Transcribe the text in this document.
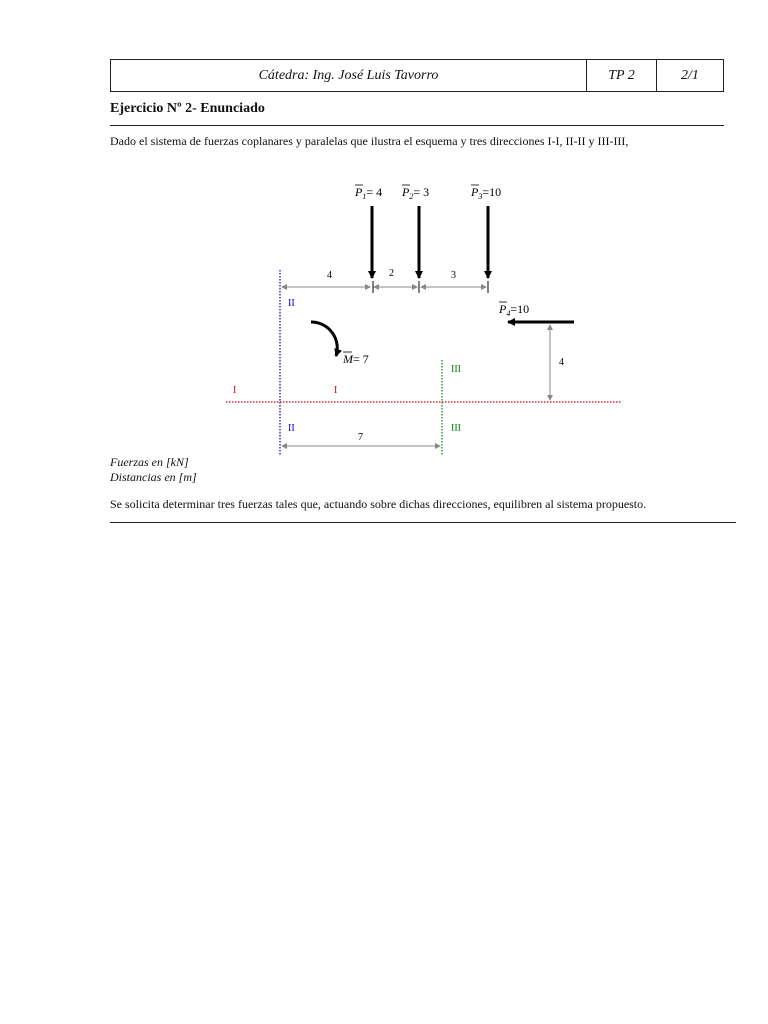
Cátedra: Ing. José Luis Tavorro	TP 2	2/1
Ejercicio Nº 2- Enunciado
Dado el sistema de fuerzas coplanares y paralelas que ilustra el esquema y tres direcciones I-I, II-II y III-III,
$P_1= 4$ $P_2= 3$	$P_3=10$
4	2	3
II
II
I	I
III
III
M= 7
$P_4=10$
4
7
Fuerzas en [kN]
Distancias en [m]
Se solicita determinar tres fuerzas tales que, actuando sobre dichas direcciones, equilibren al sistema propuesto.
